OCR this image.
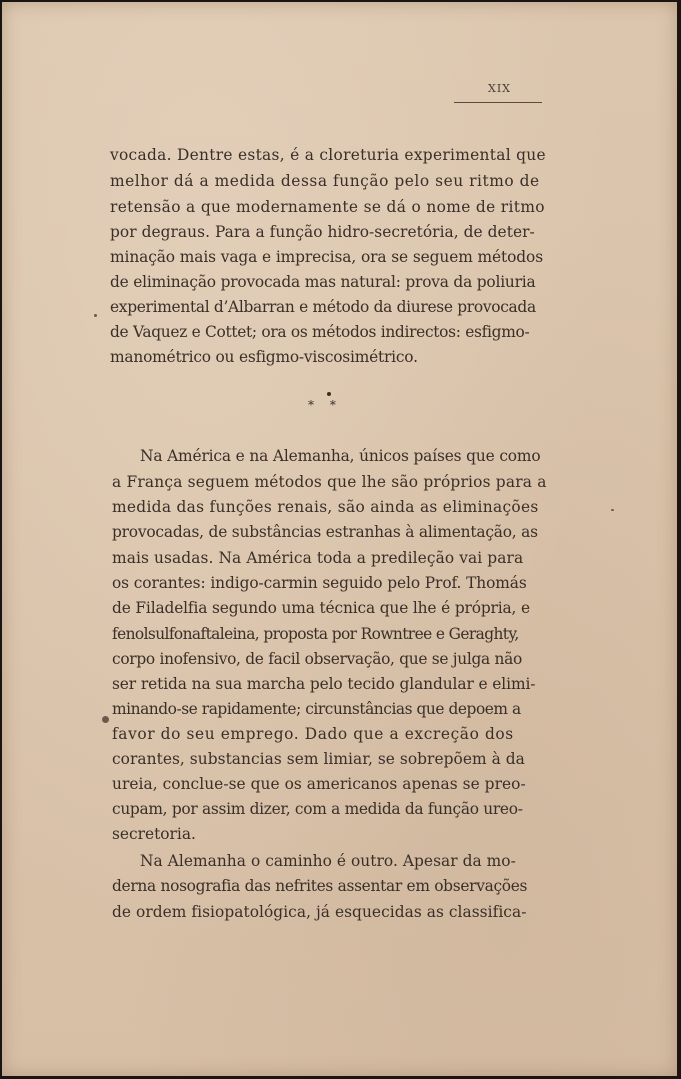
XIX
vocada. Dentre estas, é a cloreturia experimental que
melhor dá a medida dessa função pelo seu ritmo de
retensão a que modernamente se dá o nome de ritmo
por degraus. Para a função hidro-secretória, de deter-
minação mais vaga e imprecisa, ora se seguem métodos
de eliminação provocada mas natural: prova da poliuria
experimental d’Albarran e método da diurese provocada
de Vaquez e Cottet; ora os métodos indirectos: esfigmo-
manométrico ou esfigmo-viscosimétrico.
* *
Na América e na Alemanha, únicos países que como
a França seguem métodos que lhe são próprios para a
medida das funções renais, são ainda as eliminações
provocadas, de substâncias estranhas à alimentação, as
mais usadas. Na América toda a predileção vai para
os corantes: indigo-carmin seguido pelo Prof. Thomás
de Filadelfia segundo uma técnica que lhe é própria, e
fenolsulfonaftaleina, proposta por Rowntree e Geraghty,
corpo inofensivo, de facil observação, que se julga não
ser retida na sua marcha pelo tecido glandular e elimi-
minando-se rapidamente; circunstâncias que depoem a
favor do seu emprego. Dado que a excreção dos
corantes, substancias sem limiar, se sobrepõem à da
ureia, conclue-se que os americanos apenas se preo-
cupam, por assim dizer, com a medida da função ureo-
secretoria.
Na Alemanha o caminho é outro. Apesar da mo-
derna nosografia das nefrites assentar em observações
de ordem fisiopatológica, já esquecidas as classifica-
